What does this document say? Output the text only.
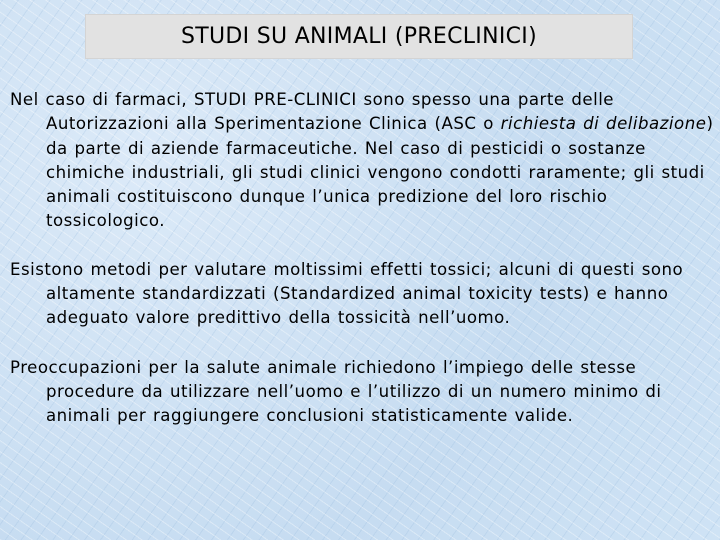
STUDI SU ANIMALI (PRECLINICI)

Nel caso di farmaci, STUDI PRE-CLINICI sono spesso una parte delle Autorizzazioni alla Sperimentazione Clinica (ASC o richiesta di delibazione) da parte di aziende farmaceutiche. Nel caso di pesticidi o sostanze chimiche industriali, gli studi clinici vengono condotti raramente; gli studi animali costituiscono dunque l’unica predizione del loro rischio tossicologico.

Esistono metodi per valutare moltissimi effetti tossici; alcuni di questi sono altamente standardizzati (Standardized animal toxicity tests) e hanno adeguato valore predittivo della tossicità nell’uomo.

Preoccupazioni per la salute animale richiedono l’impiego delle stesse procedure da utilizzare nell’uomo e l’utilizzo di un numero minimo di animali per raggiungere conclusioni statisticamente valide.
